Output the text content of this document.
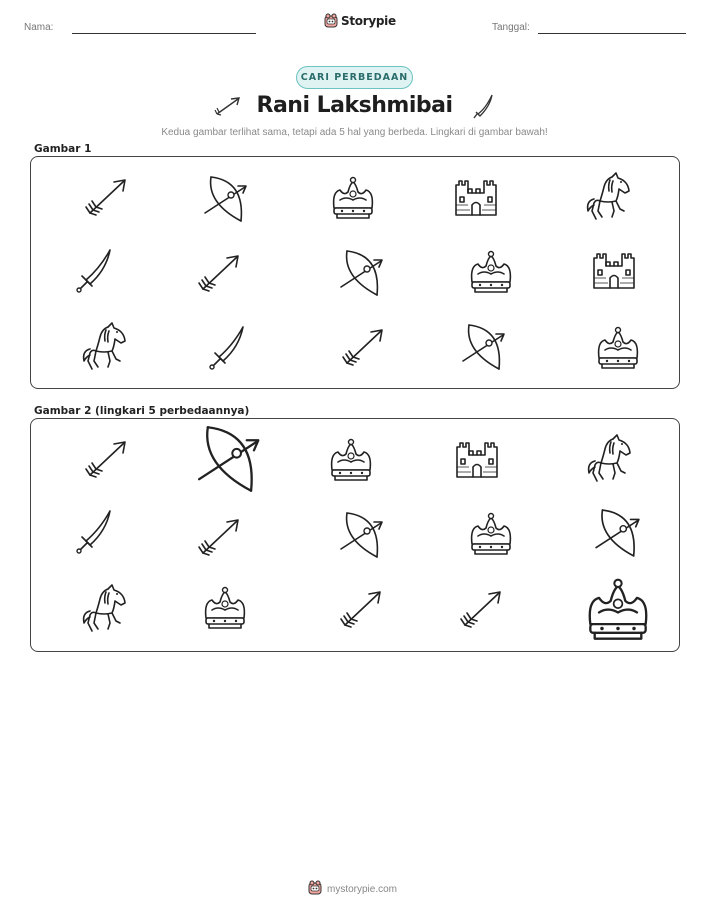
Nama:	Storypie	Tanggal:
CARI PERBEDAAN
Rani Lakshmibai
Kedua gambar terlihat sama, tetapi ada 5 hal yang berbeda. Lingkari di gambar bawah!
Gambar 1
Gambar 2 (lingkari 5 perbedaannya)
mystorypie.com
